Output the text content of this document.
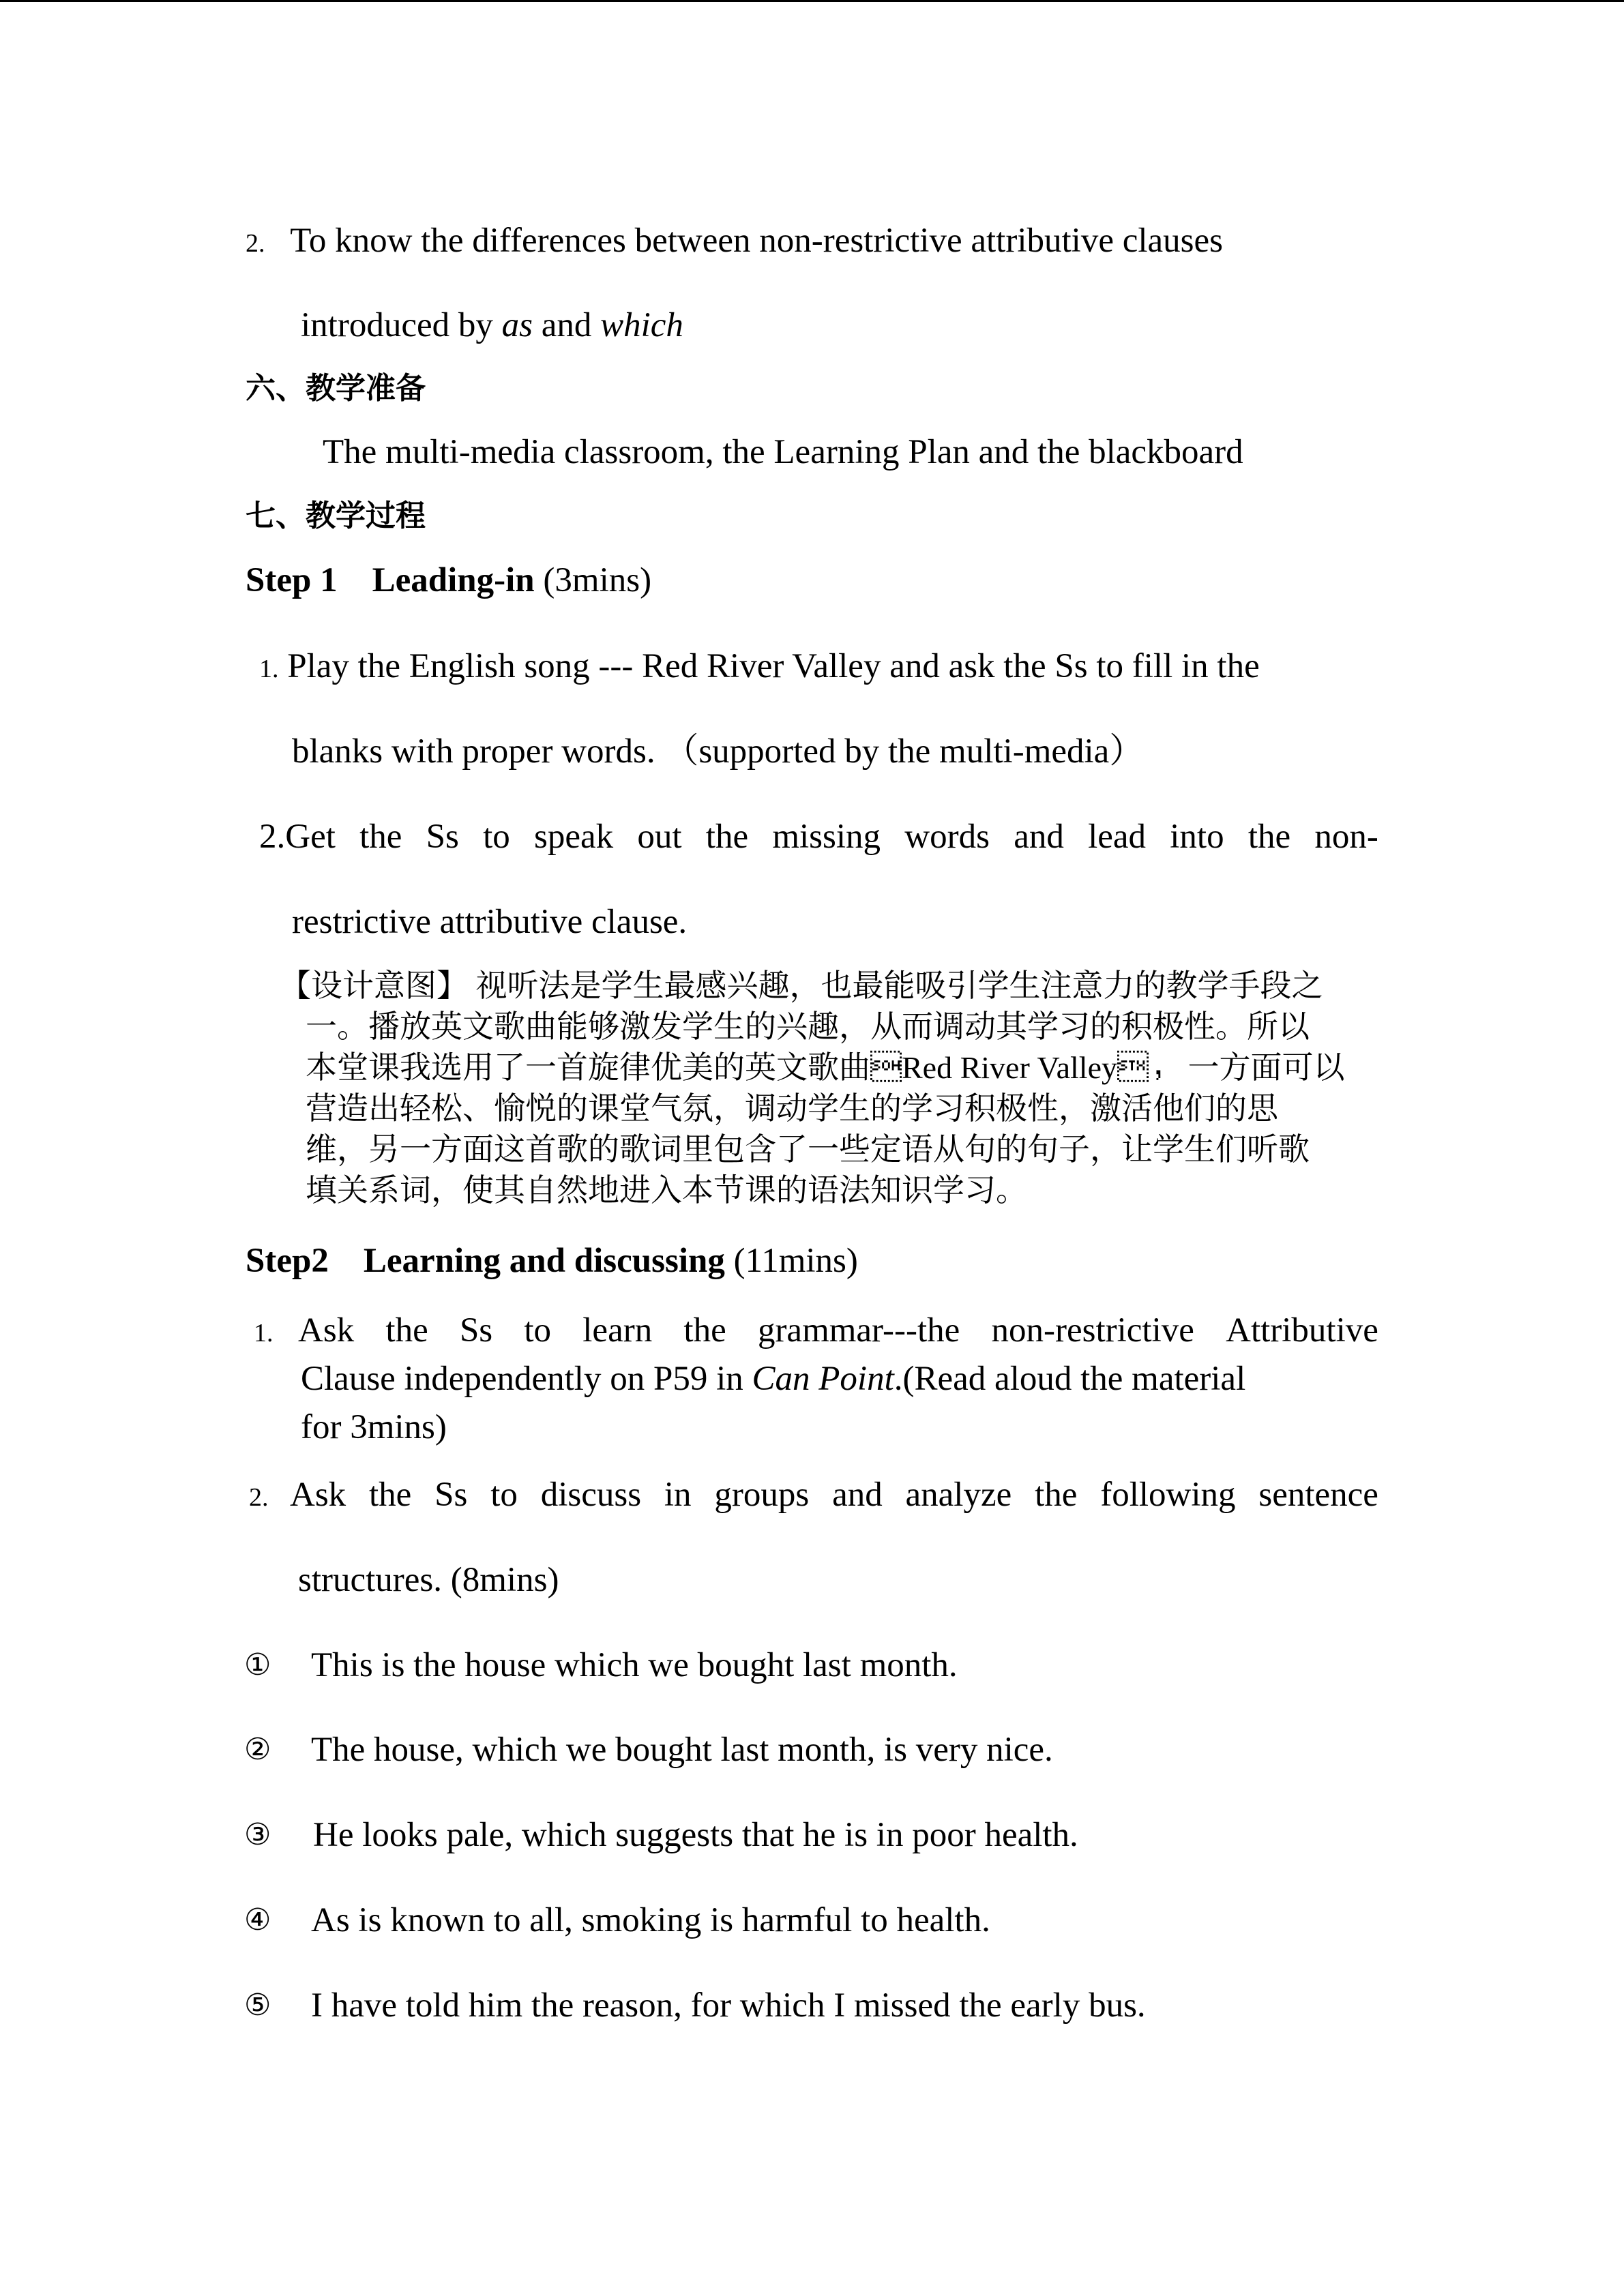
2. To know the differences between non-restrictive attributive clauses
introduced by as and which
六、教学准备
The multi-media classroom, the Learning Plan and the blackboard
七、教学过程
Step 1    Leading-in (3mins)
1. Play the English song --- Red River Valley and ask the Ss to fill in the
blanks with proper words. （supported by the multi-media）
2.Get the Ss to speak out the missing words and lead into the non-
restrictive attributive clause.
【设计意图】 视听法是学生最感兴趣，也最能吸引学生注意力的教学手段之
一。播放英文歌曲能够激发学生的兴趣，从而调动其学习的积极性。所以
本堂课我选用了一首旋律优美的英文歌曲Red River Valley， 一方面可以
营造出轻松、愉悦的课堂气氛，调动学生的学习积极性，激活他们的思
维，另一方面这首歌的歌词里包含了一些定语从句的句子，让学生们听歌
填关系词，使其自然地进入本节课的语法知识学习。
Step2    Learning and discussing (11mins)
1. Ask the Ss to learn the grammar---the non-restrictive Attributive
Clause independently on P59 in Can Point.(Read aloud the material
for 3mins)
2. Ask the Ss to discuss in groups and analyze the following sentence
structures. (8mins)
① This is the house which we bought last month.
② The house, which we bought last month, is very nice.
③ He looks pale, which suggests that he is in poor health.
④ As is known to all, smoking is harmful to health.
⑤ I have told him the reason, for which I missed the early bus.
